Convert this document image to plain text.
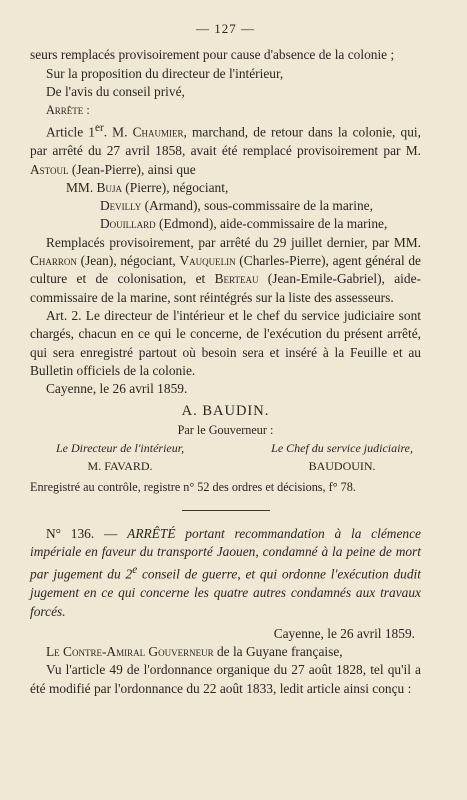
— 127 —

seurs remplacés provisoirement pour cause d'absence de la colonie ;

Sur la proposition du directeur de l'intérieur,

De l'avis du conseil privé,

Arrête :

Article 1er. M. Chaumier, marchand, de retour dans la colonie, qui, par arrêté du 27 avril 1858, avait été remplacé provisoirement par M. Astoul (Jean-Pierre), ainsi que

MM. Buja (Pierre), négociant,

Devilly (Armand), sous-commissaire de la marine,

Douillard (Edmond), aide-commissaire de la marine,

Remplacés provisoirement, par arrêté du 29 juillet dernier, par MM. Charron (Jean), négociant, Vauquelin (Charles-Pierre), agent général de culture et de colonisation, et Berteau (Jean-Emile-Gabriel), aide-commissaire de la marine, sont réintégrés sur la liste des assesseurs.

Art. 2. Le directeur de l'intérieur et le chef du service judiciaire sont chargés, chacun en ce qui le concerne, de l'exécution du présent arrêté, qui sera enregistré partout où besoin sera et inséré à la Feuille et au Bulletin officiels de la colonie.

Cayenne, le 26 avril 1859.

A. BAUDIN.
Par le Gouverneur :
Le Directeur de l'intérieur,
M. FAVARD.
Le Chef du service judiciaire,
BAUDOUIN.

Enregistré au contrôle, registre n° 52 des ordres et décisions, f° 78.

N° 136. — ARRÊTÉ portant recommandation à la clémence impériale en faveur du transporté Jaouen, condamné à la peine de mort par jugement du 2e conseil de guerre, et qui ordonne l'exécution dudit jugement en ce qui concerne les quatre autres condamnés aux travaux forcés.

Cayenne, le 26 avril 1859.

Le Contre-Amiral Gouverneur de la Guyane française,

Vu l'article 49 de l'ordonnance organique du 27 août 1828, tel qu'il a été modifié par l'ordonnance du 22 août 1833, ledit article ainsi conçu :
